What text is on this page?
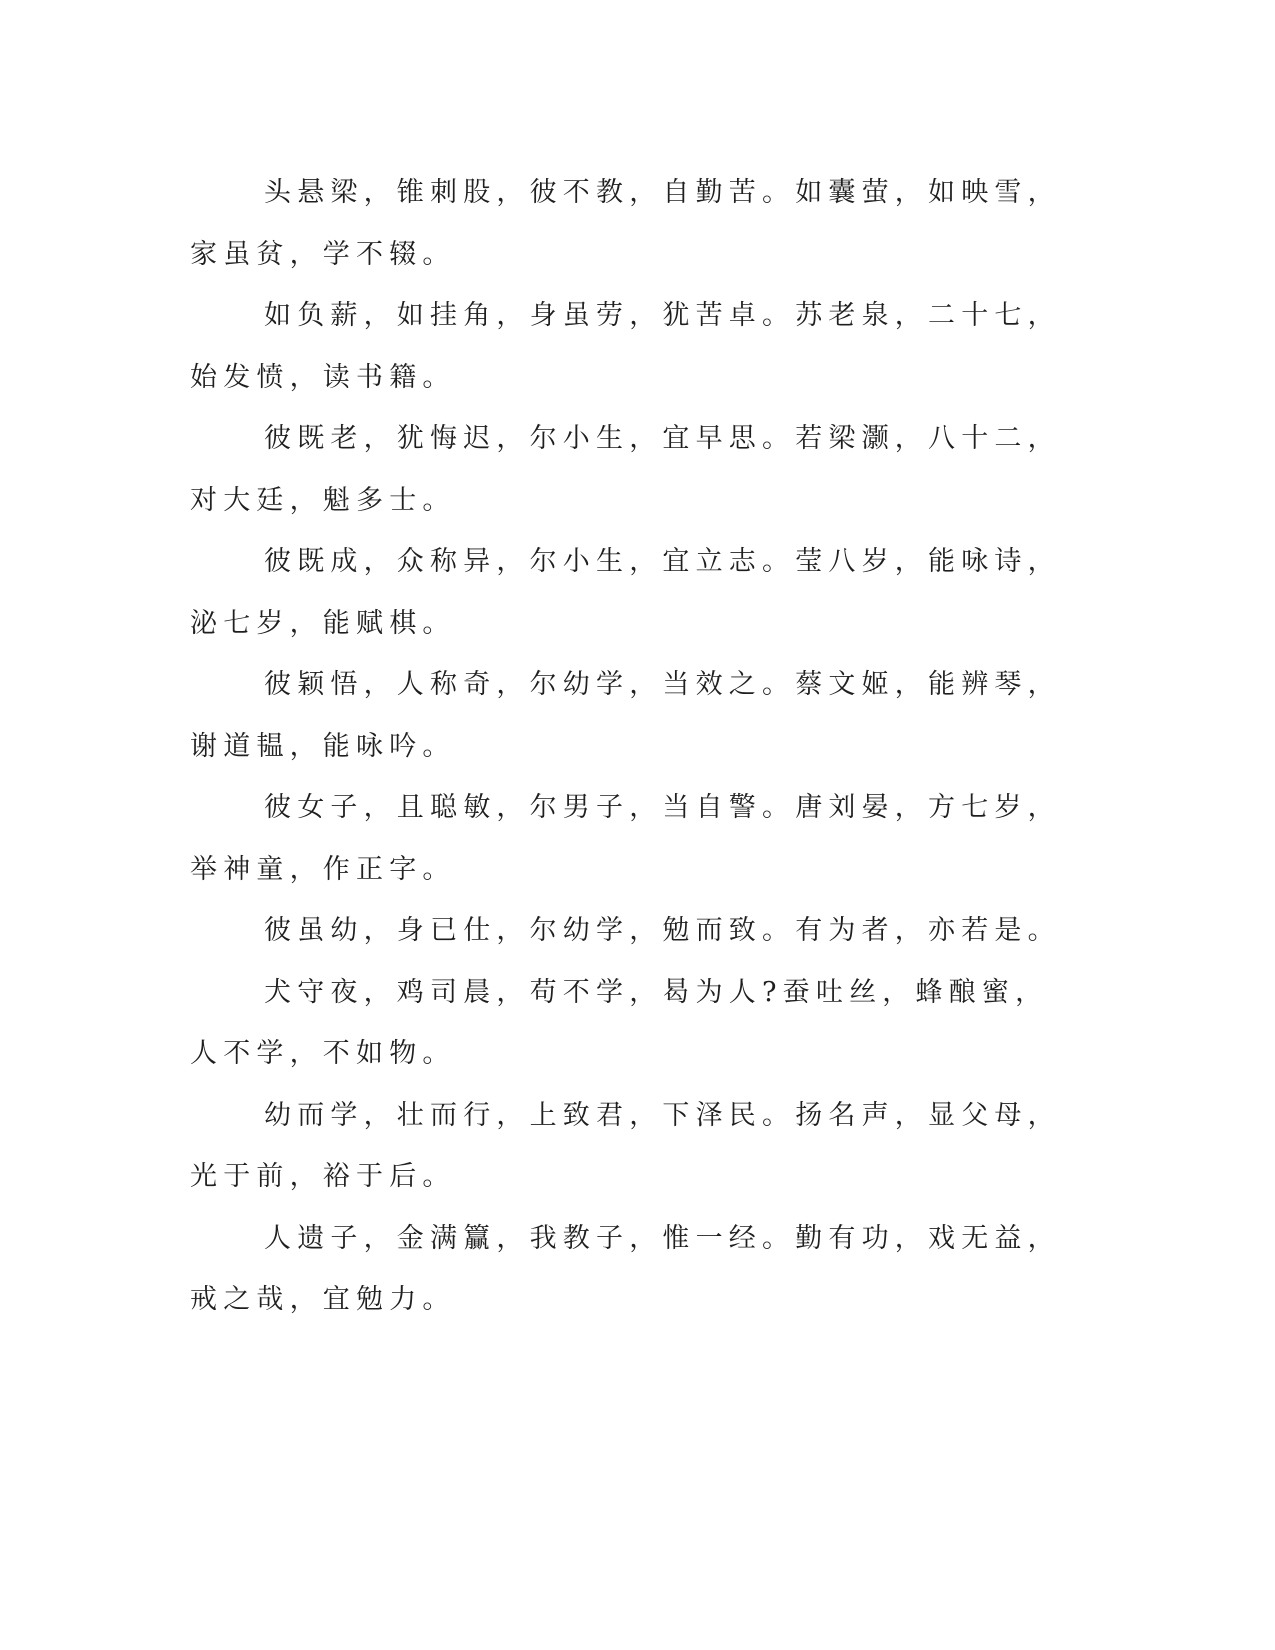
头悬梁，锥刺股，彼不教，自勤苦。如囊萤，如映雪，家虽贫，学不辍。

如负薪，如挂角，身虽劳，犹苦卓。苏老泉，二十七，始发愤，读书籍。

彼既老，犹悔迟，尔小生，宜早思。若梁灏，八十二，对大廷，魁多士。

彼既成，众称异，尔小生，宜立志。莹八岁，能咏诗，泌七岁，能赋棋。

彼颖悟，人称奇，尔幼学，当效之。蔡文姬，能辨琴，谢道韫，能咏吟。

彼女子，且聪敏，尔男子，当自警。唐刘晏，方七岁，举神童，作正字。

彼虽幼，身已仕，尔幼学，勉而致。有为者，亦若是。

犬守夜，鸡司晨，苟不学，曷为人?蚕吐丝，蜂酿蜜，人不学，不如物。

幼而学，壮而行，上致君，下泽民。扬名声，显父母，光于前，裕于后。

人遗子，金满籯，我教子，惟一经。勤有功，戏无益，戒之哉，宜勉力。
